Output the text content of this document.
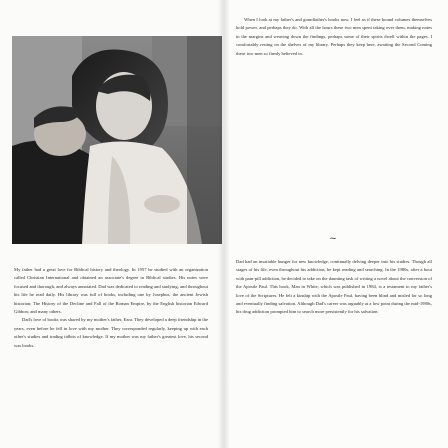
My father had a great love for Biblical history and theology. In 1957 he studied with an organization called Christian International and obtained an associate's degree in Biblical studies. His notes were focused and thorough, and always annotated. Dad was dedicated to reading and studying, and throughout his life he read daily. His library was full of books, including one by Josephus, the ancient Jewish historian; The History of the Decline and Fall of the Roman Empire, by the English historian Edward Gibbon; and many others.

Dad's love of books was shared by my mother's father, Ezra. They developed a deep friendship in the years, even before he fell in love with my mother. They corresponded regularly, keeping up with each other's studies and trading tidbits of knowledge. If my mother was my father's greatest love, his second was books.

When I look at my father's and grandfather's books now, I feel as if these bound volumes themselves hold power, and perhaps they do. With all the hours these two men spent taking over them, making notes in the margins and weaving down the findings, perhaps some of their spirits dwell within the pages. I comfortably resting on the shelves of my library. Perhaps they keep here, awaiting the Second Coming these two men so firmly believed in.

~

Dad had an insatiable hunger for new knowledge, continually delving deeper into his studies. Though all stages of his life, even throughout his addiction, he kept reading and searching. In the 1980s, after a bout with pain-pill addiction, he decided to take on the daunting task of writing a novel about the conversion of the Apostle Paul. This book, Man in White, which was published in 1984, is a testament to my father's love of the Scriptures. He felt a kinship with the Apostle Paul, having been blind and misled for so long and eventually finding salvation. Although Dad's career was arguably at a low point during the mid-1980s, his drug addiction prompted him to search more persistently for his salvation.
